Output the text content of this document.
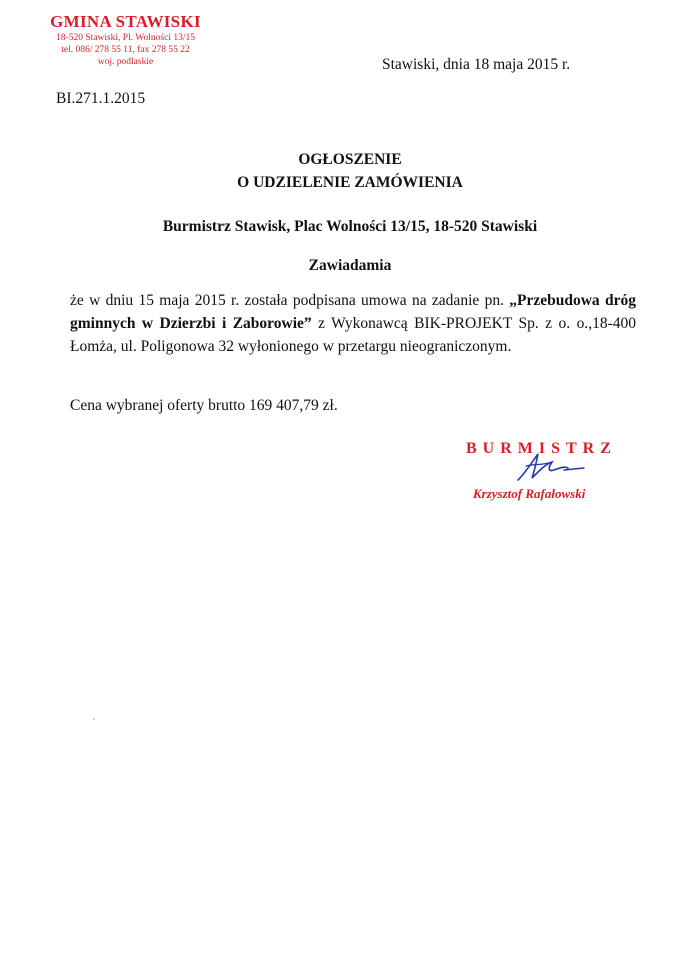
GMINA STAWISKI
18-520 Stawiski, Pl. Wolności 13/15
tel. 086/ 278 55 11, fax 278 55 22
woj. podlaskie	Stawiski, dnia 18 maja 2015 r.
BI.271.1.2015
OGŁOSZENIE
O UDZIELENIE ZAMÓWIENIA
Burmistrz Stawisk, Plac Wolności 13/15, 18-520 Stawiski
Zawiadamia
że w dniu 15 maja 2015 r. została podpisana umowa na zadanie pn. „Przebudowa dróg gminnych w Dzierzbi i Zaborowie” z Wykonawcą BIK-PROJEKT Sp. z o. o.,18-400 Łomża, ul. Poligonowa 32 wyłonionego w przetargu nieograniczonym.
Cena wybranej oferty brutto 169 407,79 zł.
BURMISTRZ
Krzysztof Rafałowski
